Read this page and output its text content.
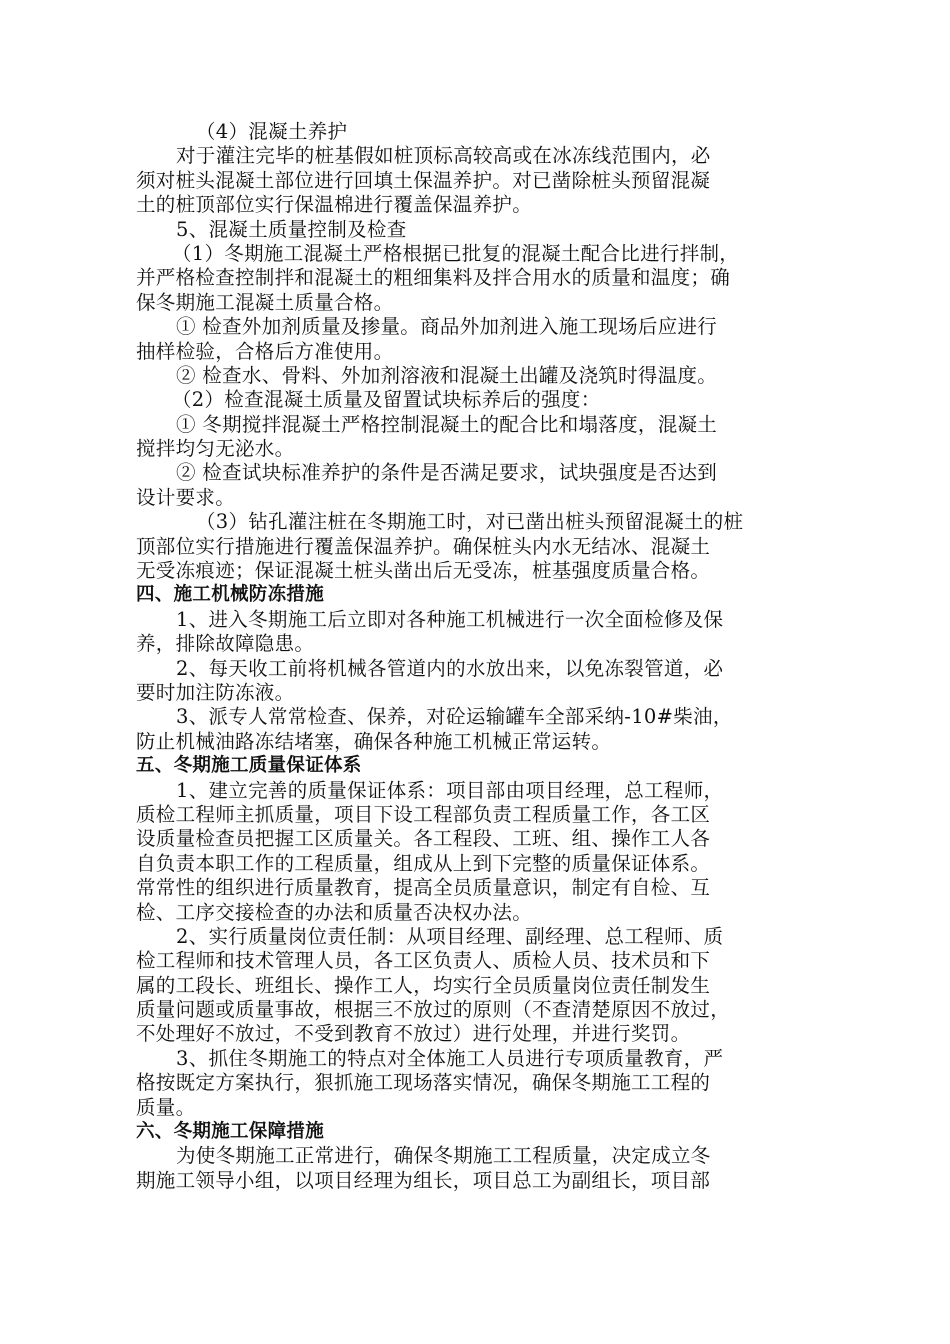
（4）混凝土养护
对于灌注完毕的桩基假如桩顶标高较高或在冰冻线范围内，必
须对桩头混凝土部位进行回填土保温养护。对已凿除桩头预留混凝
土的桩顶部位实行保温棉进行覆盖保温养护。
5、混凝土质量控制及检查
（1）冬期施工混凝土严格根据已批复的混凝土配合比进行拌制，
并严格检查控制拌和混凝土的粗细集料及拌合用水的质量和温度；确
保冬期施工混凝土质量合格。
① 检查外加剂质量及掺量。商品外加剂进入施工现场后应进行
抽样检验，合格后方准使用。
② 检查水、骨料、外加剂溶液和混凝土出罐及浇筑时得温度。
（2）检查混凝土质量及留置试块标养后的强度：
① 冬期搅拌混凝土严格控制混凝土的配合比和塌落度，混凝土
搅拌均匀无泌水。
② 检查试块标准养护的条件是否满足要求，试块强度是否达到
设计要求。
（3）钻孔灌注桩在冬期施工时，对已凿出桩头预留混凝土的桩
顶部位实行措施进行覆盖保温养护。确保桩头内水无结冰、混凝土
无受冻痕迹；保证混凝土桩头凿出后无受冻，桩基强度质量合格。
四、施工机械防冻措施
1、进入冬期施工后立即对各种施工机械进行一次全面检修及保
养，排除故障隐患。
2、每天收工前将机械各管道内的水放出来，以免冻裂管道，必
要时加注防冻液。
3、派专人常常检查、保养，对砼运输罐车全部采纳-10#柴油，
防止机械油路冻结堵塞，确保各种施工机械正常运转。
五、冬期施工质量保证体系
1、建立完善的质量保证体系：项目部由项目经理，总工程师，
质检工程师主抓质量，项目下设工程部负责工程质量工作，各工区
设质量检查员把握工区质量关。各工程段、工班、组、操作工人各
自负责本职工作的工程质量，组成从上到下完整的质量保证体系。
常常性的组织进行质量教育，提高全员质量意识，制定有自检、互
检、工序交接检查的办法和质量否决权办法。
2、实行质量岗位责任制：从项目经理、副经理、总工程师、质
检工程师和技术管理人员，各工区负责人、质检人员、技术员和下
属的工段长、班组长、操作工人，均实行全员质量岗位责任制发生
质量问题或质量事故，根据三不放过的原则（不查清楚原因不放过，
不处理好不放过，不受到教育不放过）进行处理，并进行奖罚。
3、抓住冬期施工的特点对全体施工人员进行专项质量教育，严
格按既定方案执行，狠抓施工现场落实情况，确保冬期施工工程的
质量。
六、冬期施工保障措施
为使冬期施工正常进行，确保冬期施工工程质量，决定成立冬
期施工领导小组，以项目经理为组长，项目总工为副组长，项目部
